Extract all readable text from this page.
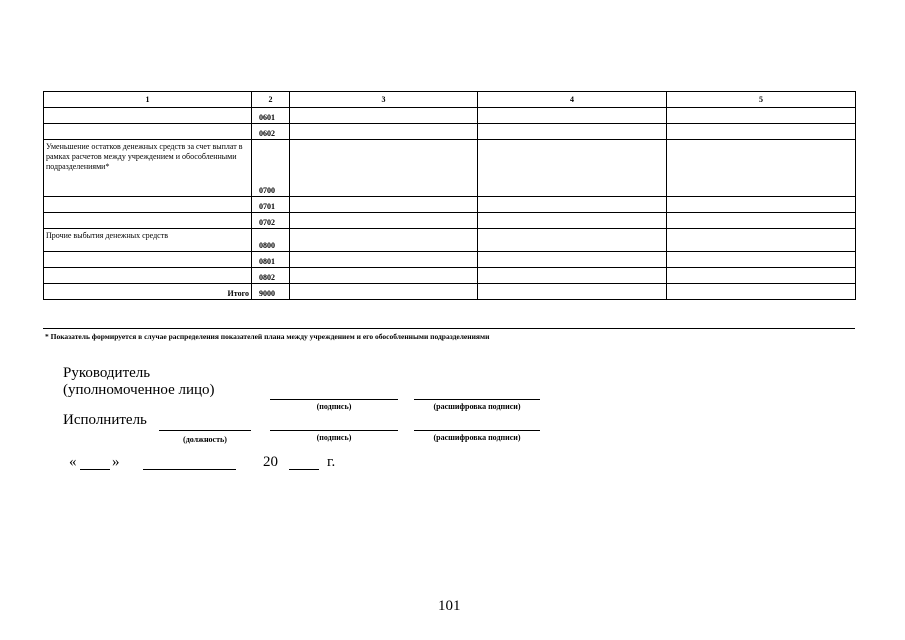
1	2	3	4	5
	0601			
	0602			
Уменьшение остатков денежных средств за счет выплат в рамках расчетов между учреждением и обособленными подразделениями*	0700			
	0701			
	0702			
Прочие выбытия денежных средств	0800			
	0801			
	0802			
Итого	9000			
* Показатель формируется в случае распределения показателей плана между учреждением и его обособленными подразделениями
Руководитель
(уполномоченное лицо)
(подпись)	(расшифровка подписи)
Исполнитель
(должность)	(подпись)	(расшифровка подписи)
« »	20	г.
101
